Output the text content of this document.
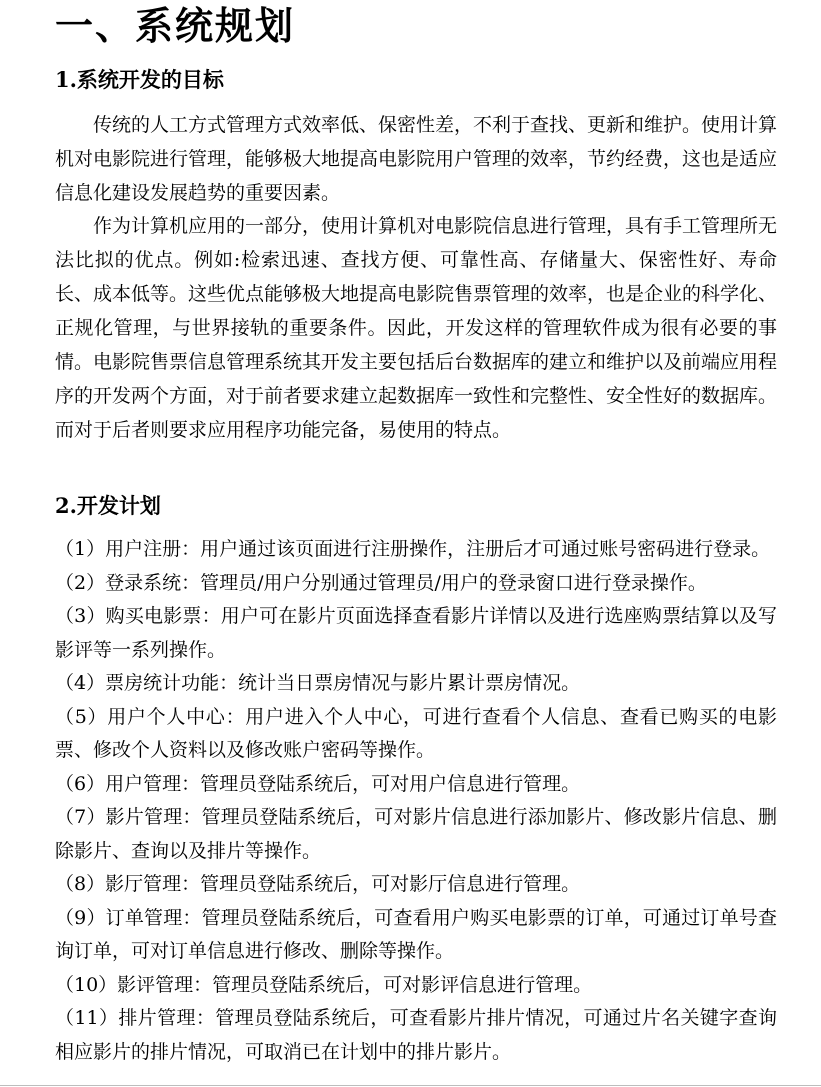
一、系统规划
1.系统开发的目标

传统的人工方式管理方式效率低、保密性差，不利于查找、更新和维护。使用计算机对电影院进行管理，能够极大地提高电影院用户管理的效率，节约经费，这也是适应信息化建设发展趋势的重要因素。

作为计算机应用的一部分，使用计算机对电影院信息进行管理，具有手工管理所无法比拟的优点。例如:检索迅速、查找方便、可靠性高、存储量大、保密性好、寿命长、成本低等。这些优点能够极大地提高电影院售票管理的效率，也是企业的科学化、正规化管理，与世界接轨的重要条件。因此，开发这样的管理软件成为很有必要的事情。电影院售票信息管理系统其开发主要包括后台数据库的建立和维护以及前端应用程序的开发两个方面，对于前者要求建立起数据库一致性和完整性、安全性好的数据库。而对于后者则要求应用程序功能完备，易使用的特点。

2.开发计划
（1）用户注册：用户通过该页面进行注册操作，注册后才可通过账号密码进行登录。
（2）登录系统：管理员/用户分别通过管理员/用户的登录窗口进行登录操作。
（3）购买电影票：用户可在影片页面选择查看影片详情以及进行选座购票结算以及写影评等一系列操作。
（4）票房统计功能：统计当日票房情况与影片累计票房情况。
（5）用户个人中心：用户进入个人中心，可进行查看个人信息、查看已购买的电影票、修改个人资料以及修改账户密码等操作。
（6）用户管理：管理员登陆系统后，可对用户信息进行管理。
（7）影片管理：管理员登陆系统后，可对影片信息进行添加影片、修改影片信息、删除影片、查询以及排片等操作。
（8）影厅管理：管理员登陆系统后，可对影厅信息进行管理。
（9）订单管理：管理员登陆系统后，可查看用户购买电影票的订单，可通过订单号查询订单，可对订单信息进行修改、删除等操作。
（10）影评管理：管理员登陆系统后，可对影评信息进行管理。
（11）排片管理：管理员登陆系统后，可查看影片排片情况，可通过片名关键字查询相应影片的排片情况，可取消已在计划中的排片影片。
